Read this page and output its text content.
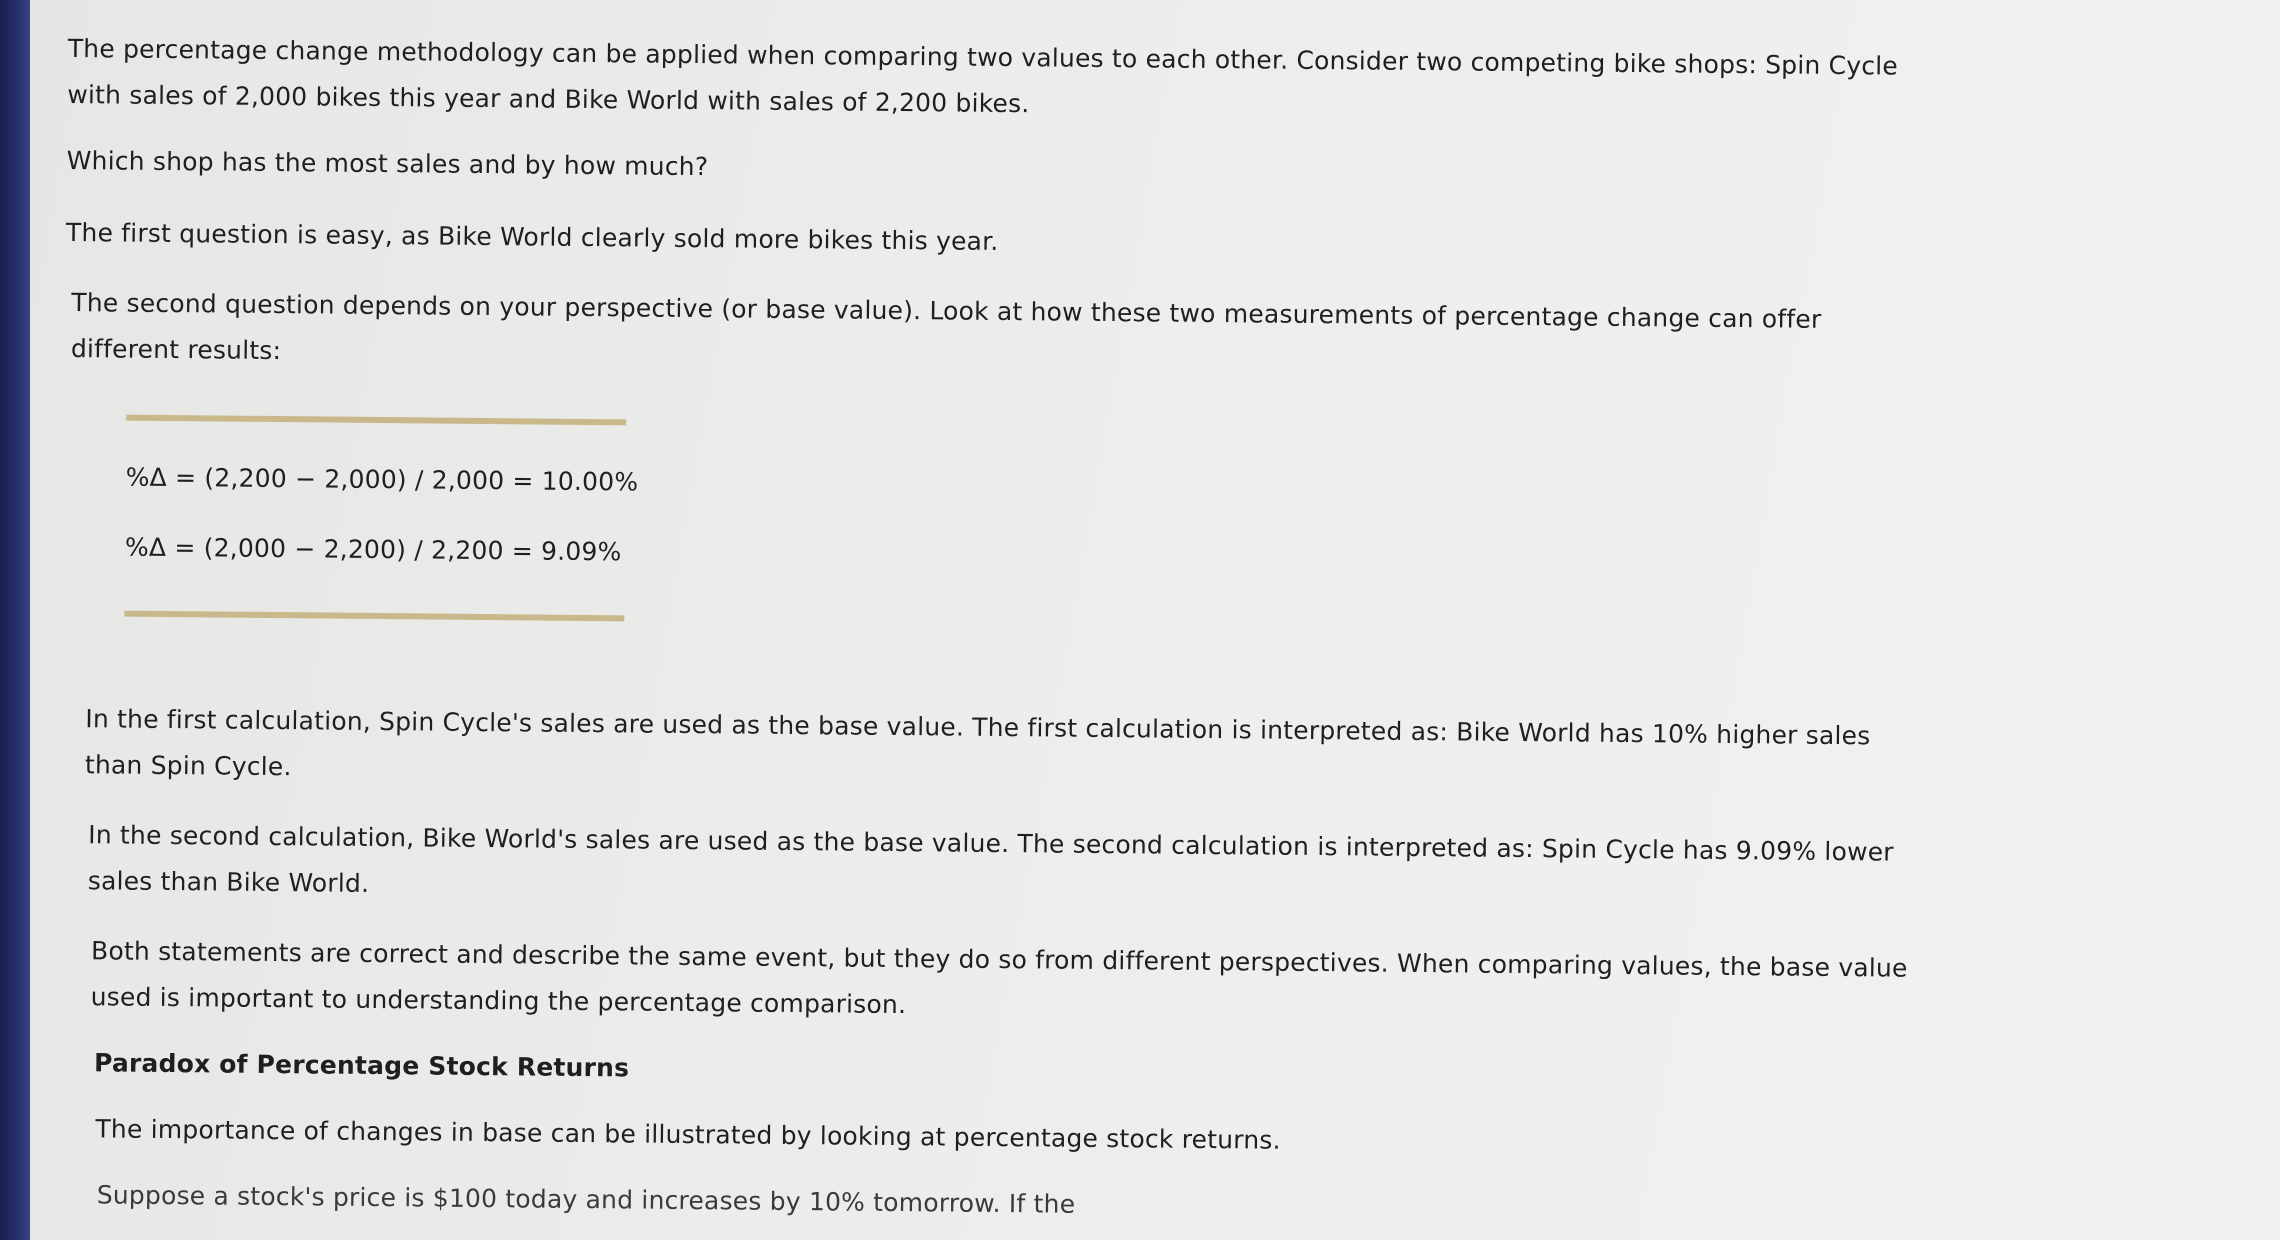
The percentage change methodology can be applied when comparing two values to each other. Consider two competing bike shops: Spin Cycle with sales of 2,000 bikes this year and Bike World with sales of 2,200 bikes.

Which shop has the most sales and by how much?

The first question is easy, as Bike World clearly sold more bikes this year.

The second question depends on your perspective (or base value). Look at how these two measurements of percentage change can offer different results:

%Δ = (2,200 − 2,000) / 2,000 = 10.00%
%Δ = (2,000 − 2,200) / 2,200 = 9.09%

In the first calculation, Spin Cycle's sales are used as the base value. The first calculation is interpreted as: Bike World has 10% higher sales than Spin Cycle.

In the second calculation, Bike World's sales are used as the base value. The second calculation is interpreted as: Spin Cycle has 9.09% lower sales than Bike World.

Both statements are correct and describe the same event, but they do so from different perspectives. When comparing values, the base value used is important to understanding the percentage comparison.

Paradox of Percentage Stock Returns

The importance of changes in base can be illustrated by looking at percentage stock returns.

Suppose a stock's price is $100 today and increases by 10% tomorrow. If the
